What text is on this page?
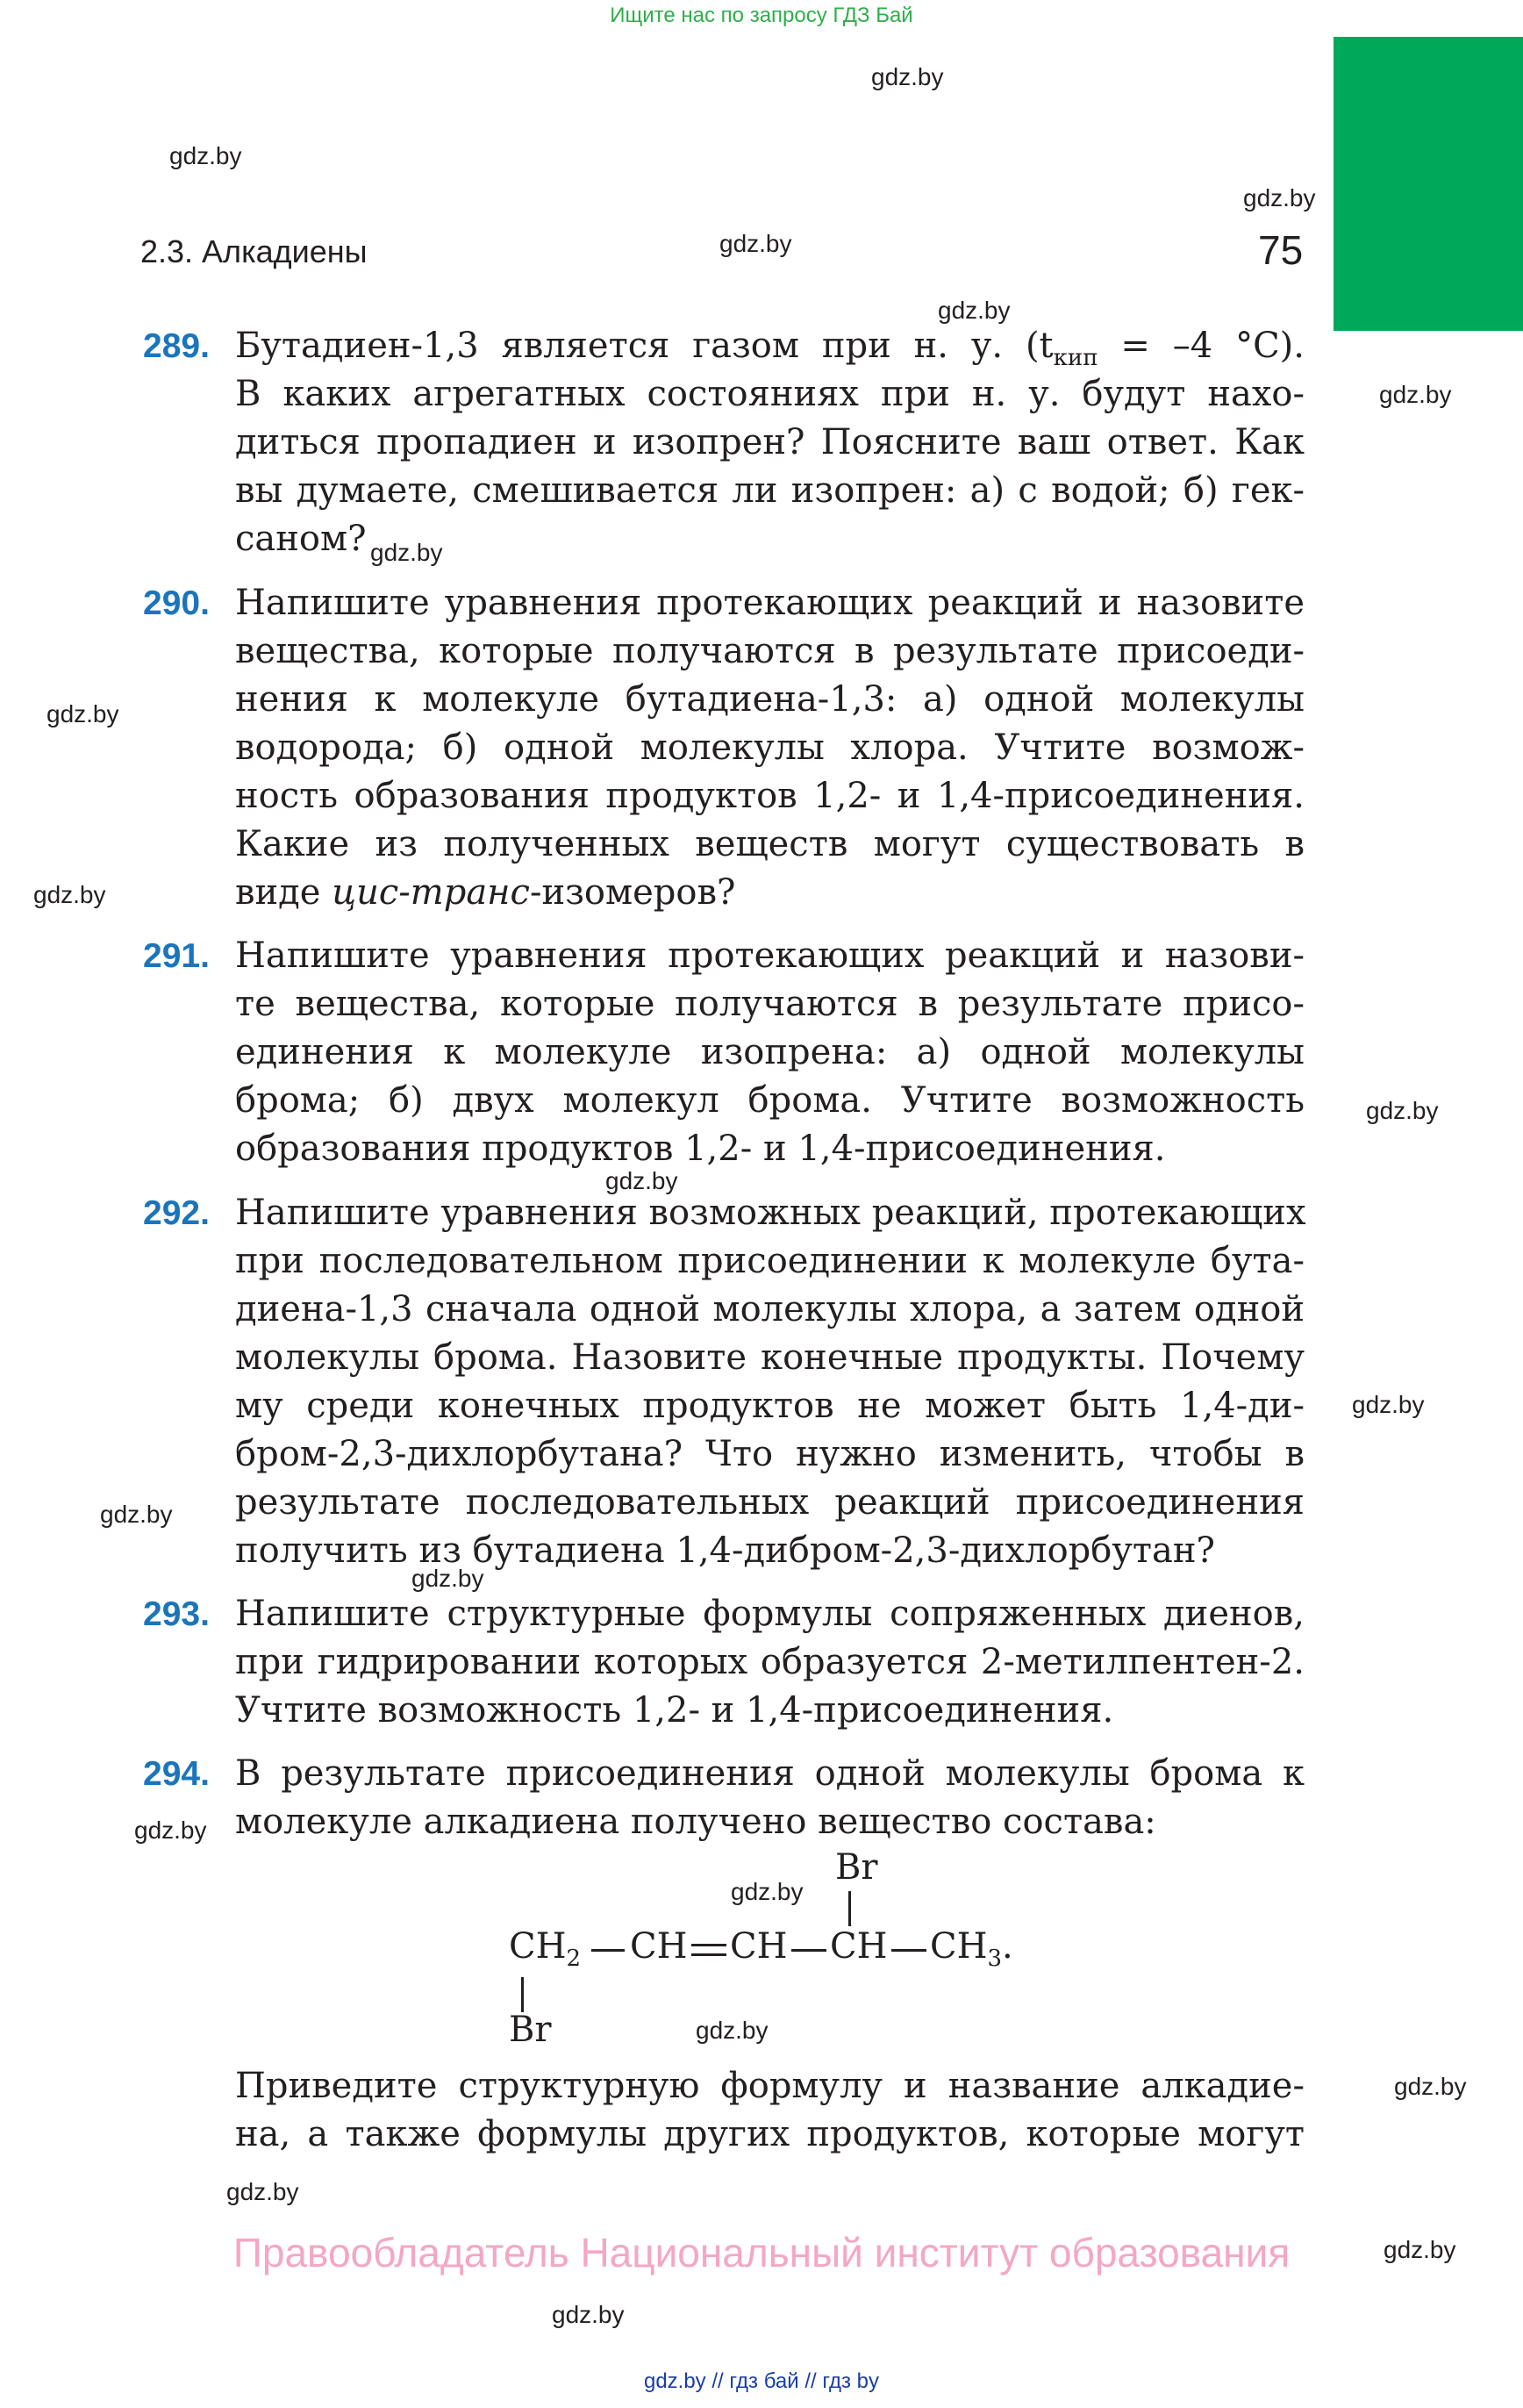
Ищите нас по запросу ГДЗ Бай
gdz.by
gdz.by
gdz.by
gdz.by
gdz.by
gdz.by
gdz.by
gdz.by
gdz.by
gdz.by
gdz.by
gdz.by
gdz.by
gdz.by
gdz.by
gdz.by
gdz.by
gdz.by
gdz.by
gdz.by
gdz.by
2.3. Алкадиены	75
289. Бутадиен-1,3 является газом при н. у. ($t_{кип} = -4$ °C).
В каких агрегатных состояниях при н. у. будут нахо-
диться пропадиен и изопрен? Поясните ваш ответ. Как
вы думаете, смешивается ли изопрен: а) с водой; б) гек-
саном?
290. Напишите уравнения протекающих реакций и назовите
вещества, которые получаются в результате присоеди-
нения к молекуле бутадиена-1,3: а) одной молекулы
водорода; б) одной молекулы хлора. Учтите возмож-
ность образования продуктов 1,2- и 1,4-присоединения.
Какие из полученных веществ могут существовать в
виде цис-транс-изомеров?
291. Напишите уравнения протекающих реакций и назови-
те вещества, которые получаются в результате присо-
единения к молекуле изопрена: а) одной молекулы
брома; б) двух молекул брома. Учтите возможность
образования продуктов 1,2- и 1,4-присоединения.
292. Напишите уравнения возможных реакций, протекающих
при последовательном присоединении к молекуле бута-
диена-1,3 сначала одной молекулы хлора, а затем одной
молекулы брома. Назовите конечные продукты. Почему
му среди конечных продуктов не может быть 1,4-ди-
бром-2,3-дихлорбутана? Что нужно изменить, чтобы в
результате последовательных реакций присоединения
получить из бутадиена 1,4-дибром-2,3-дихлорбутан?
293. Напишите структурные формулы сопряженных диенов,
при гидрировании которых образуется 2-метилпентен-2.
Учтите возможность 1,2- и 1,4-присоединения.
294. В результате присоединения одной молекулы брома к
молекуле алкадиена получено вещество состава:
$CH_2$ CH CH CH $CH_3$.
Br
Br
Приведите структурную формулу и название алкадие-
на, а также формулы других продуктов, которые могут
Правообладатель Национальный институт образования
gdz.by // гдз бай // гдз by
